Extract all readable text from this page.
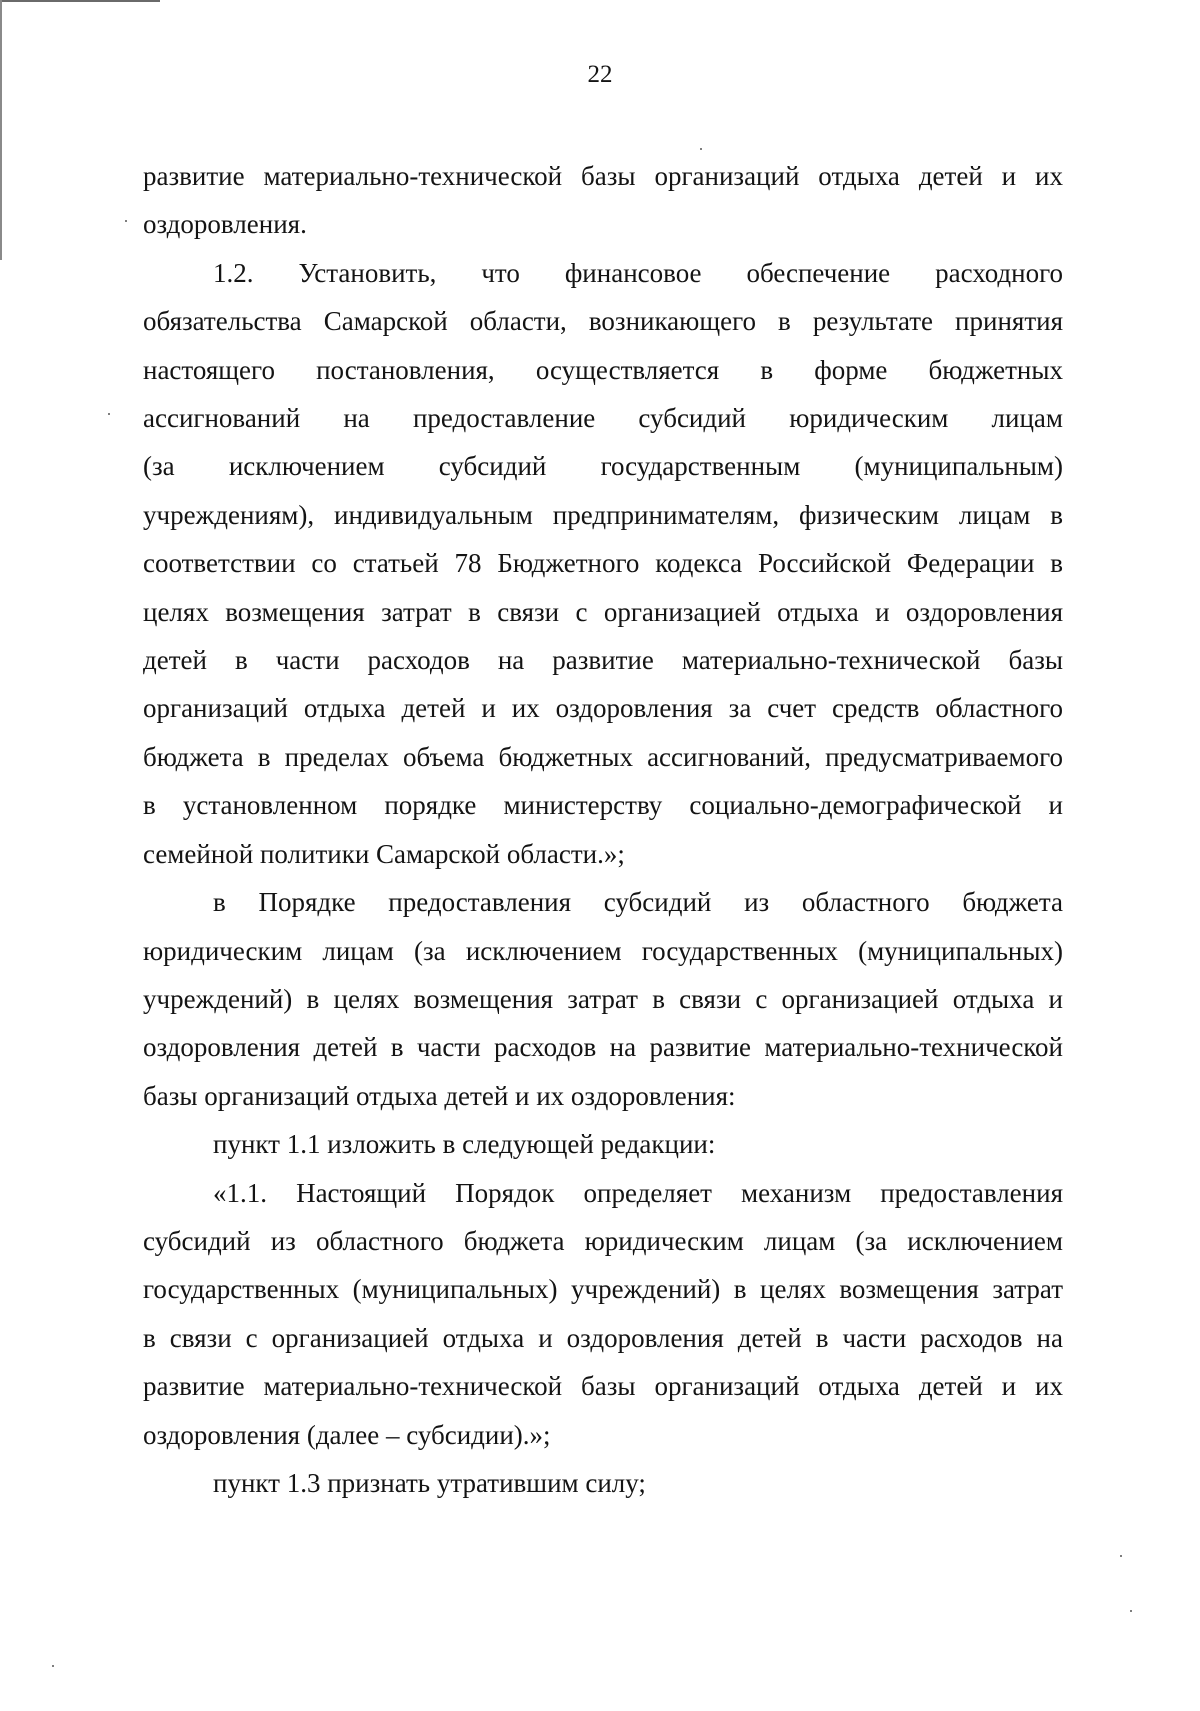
22

развитие материально-технической базы организаций отдыха детей и их
оздоровления.

1.2. Установить, что финансовое обеспечение расходного
обязательства Самарской области, возникающего в результате принятия
настоящего постановления, осуществляется в форме бюджетных
ассигнований на предоставление субсидий юридическим лицам
(за исключением субсидий государственным (муниципальным)
учреждениям), индивидуальным предпринимателям, физическим лицам в
соответствии со статьей 78 Бюджетного кодекса Российской Федерации в
целях возмещения затрат в связи с организацией отдыха и оздоровления
детей в части расходов на развитие материально-технической базы
организаций отдыха детей и их оздоровления за счет средств областного
бюджета в пределах объема бюджетных ассигнований, предусматриваемого
в установленном порядке министерству социально-демографической и
семейной политики Самарской области.»;

в Порядке предоставления субсидий из областного бюджета
юридическим лицам (за исключением государственных (муниципальных)
учреждений) в целях возмещения затрат в связи с организацией отдыха и
оздоровления детей в части расходов на развитие материально-технической
базы организаций отдыха детей и их оздоровления:

пункт 1.1 изложить в следующей редакции:

«1.1. Настоящий Порядок определяет механизм предоставления
субсидий из областного бюджета юридическим лицам (за исключением
государственных (муниципальных) учреждений) в целях возмещения затрат
в связи с организацией отдыха и оздоровления детей в части расходов на
развитие материально-технической базы организаций отдыха детей и их
оздоровления (далее – субсидии).»;

пункт 1.3 признать утратившим силу;
